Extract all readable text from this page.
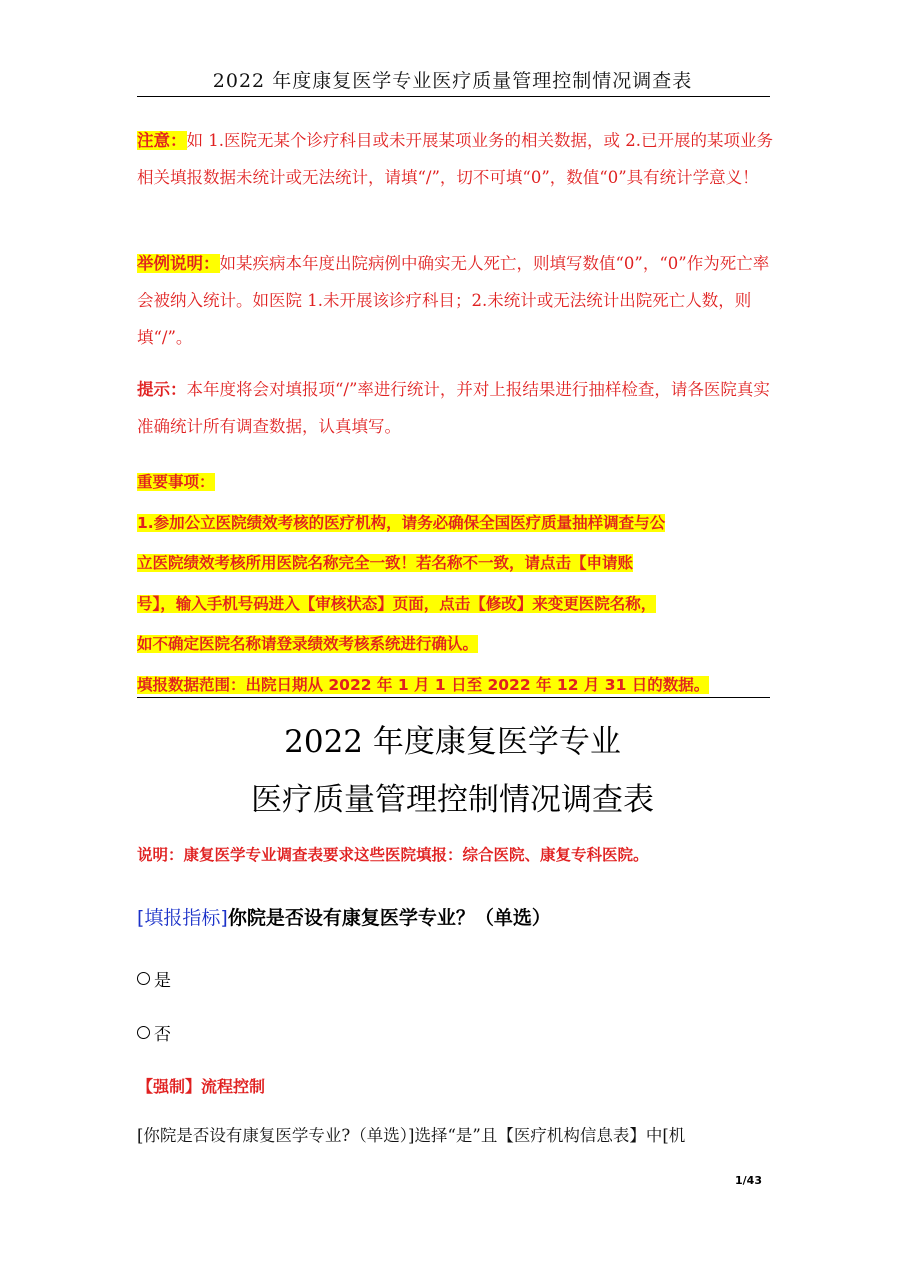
2022 年度康复医学专业医疗质量管理控制情况调查表
注意：如 1.医院无某个诊疗科目或未开展某项业务的相关数据，或 2.已开展的某项业务相关填报数据未统计或无法统计，请填“/”，切不可填“0”，数值“0”具有统计学意义！
举例说明：如某疾病本年度出院病例中确实无人死亡，则填写数值“0”，“0”作为死亡率会被纳入统计。如医院 1.未开展该诊疗科目；2.未统计或无法统计出院死亡人数，则填“/”。
提示：本年度将会对填报项“/”率进行统计，并对上报结果进行抽样检查，请各医院真实准确统计所有调查数据，认真填写。
重要事项：
1.参加公立医院绩效考核的医疗机构，请务必确保全国医疗质量抽样调查与公
立医院绩效考核所用医院名称完全一致！若名称不一致，请点击【申请账
号】，输入手机号码进入【审核状态】页面，点击【修改】来变更医院名称，
如不确定医院名称请登录绩效考核系统进行确认。
填报数据范围：出院日期从 2022 年 1 月 1 日至 2022 年 12 月 31 日的数据。
2022 年度康复医学专业
医疗质量管理控制情况调查表
说明：康复医学专业调查表要求这些医院填报：综合医院、康复专科医院。
[填报指标]你院是否设有康复医学专业？（单选）
是
否
【强制】流程控制
[你院是否设有康复医学专业?（单选）]选择“是”且【医疗机构信息表】中[机
1/43
